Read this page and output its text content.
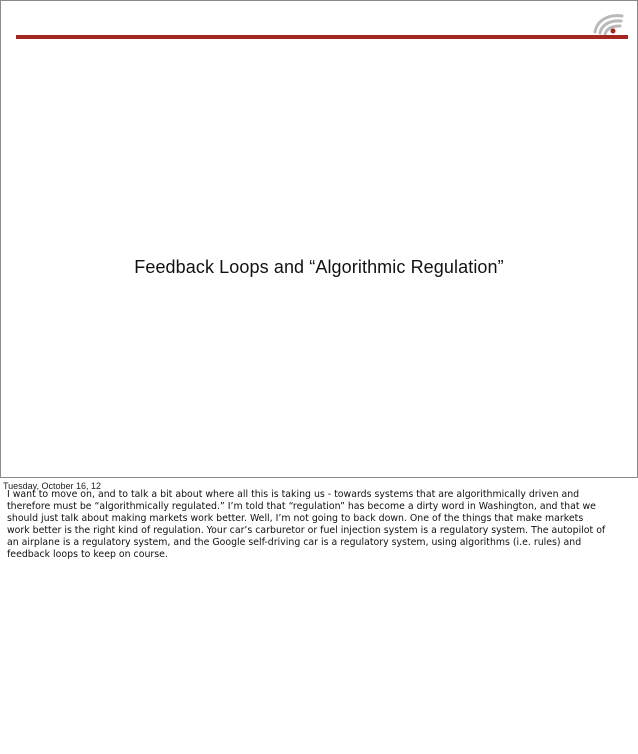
Feedback Loops and “Algorithmic Regulation”
Tuesday, October 16, 12
I want to move on, and to talk a bit about where all this is taking us - towards systems that are algorithmically driven and
therefore must be “algorithmically regulated.” I’m told that “regulation” has become a dirty word in Washington, and that we
should just talk about making markets work better. Well, I’m not going to back down. One of the things that make markets
work better is the right kind of regulation. Your car’s carburetor or fuel injection system is a regulatory system. The autopilot of
an airplane is a regulatory system, and the Google self-driving car is a regulatory system, using algorithms (i.e. rules) and
feedback loops to keep on course.
